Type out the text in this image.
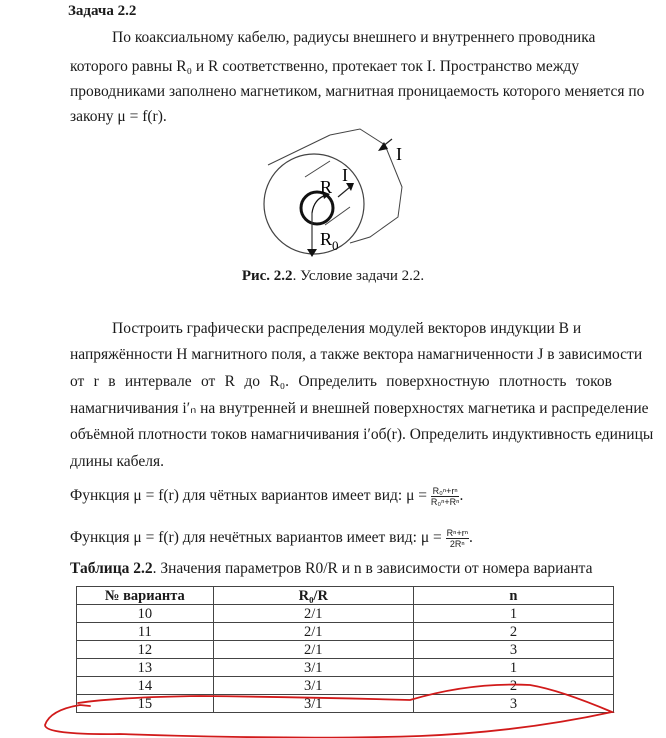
Задача 2.2
По коаксиальному кабелю, радиусы внешнего и внутреннего проводника
которого равны R₀ и R соответственно, протекает ток I. Пространство между
проводниками заполнено магнетиком, магнитная проницаемость которого меняется по
закону μ = f(r).
I
I
R
$R_0$
Рис. 2.2. Условие задачи 2.2.
Построить графически распределения модулей векторов индукции B и
напряжённости H магнитного поля, а также вектора намагниченности J в зависимости
от r в интервале от R до R₀. Определить поверхностную плотность токов
намагничивания i′ₙ на внутренней и внешней поверхностях магнетика и распределение
объёмной плотности токов намагничивания i′об(r). Определить индуктивность единицы
длины кабеля.
Функция μ = f(r) для чётных вариантов имеет вид: $\mu = \frac{\text{R₀ⁿ+rⁿ}}{\text{R₀ⁿ+Rⁿ}}$ .
Функция μ = f(r) для нечётных вариантов имеет вид: $\mu = \frac{\text{Rⁿ+rⁿ}}{\text{2Rⁿ}}$ .
Таблица 2.2. Значения параметров R0/R и n в зависимости от номера варианта
№ варианта	R₀/R	n
10	2/1	1
11	2/1	2
12	2/1	3
13	3/1	1
14	3/1	2
15	3/1	3
